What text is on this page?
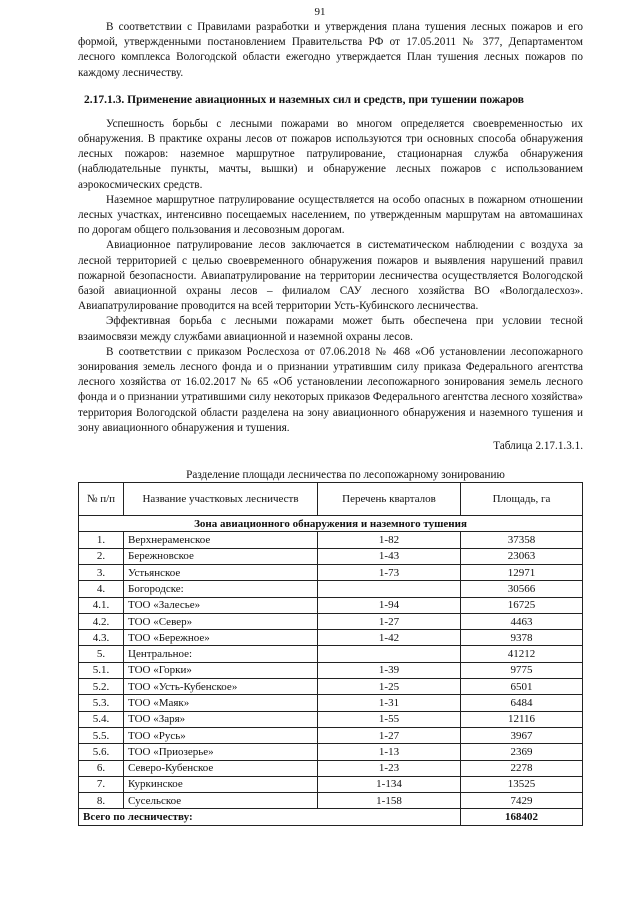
91

В соответствии с Правилами разработки и утверждения плана тушения лесных пожаров и его формой, утвержденными постановлением Правительства РФ от 17.05.2011 № 377, Департаментом лесного комплекса Вологодской области ежегодно утверждается План тушения лесных пожаров по каждому лесничеству.

2.17.1.3. Применение авиационных и наземных сил и средств, при тушении пожаров

Успешность борьбы с лесными пожарами во многом определяется своевременностью их обнаружения. В практике охраны лесов от пожаров используются три основных способа обнаружения лесных пожаров: наземное маршрутное патрулирование, стационарная служба обнаружения (наблюдательные пункты, мачты, вышки) и обнаружение лесных пожаров с использованием аэрокосмических средств.

Наземное маршрутное патрулирование осуществляется на особо опасных в пожарном отношении лесных участках, интенсивно посещаемых населением, по утвержденным маршрутам на автомашинах по дорогам общего пользования и лесовозным дорогам.

Авиационное патрулирование лесов заключается в систематическом наблюдении с воздуха за лесной территорией с целью своевременного обнаружения пожаров и выявления нарушений правил пожарной безопасности. Авиапатрулирование на территории лесничества осуществляется Вологодской базой авиационной охраны лесов – филиалом САУ лесного хозяйства ВО «Вологдалесхоз». Авиапатрулирование проводится на всей территории Усть-Кубинского лесничества.

Эффективная борьба с лесными пожарами может быть обеспечена при условии тесной взаимосвязи между службами авиационной и наземной охраны лесов.

В соответствии с приказом Рослесхоза от 07.06.2018 № 468 «Об установлении лесопожарного зонирования земель лесного фонда и о признании утратившим силу приказа Федерального агентства лесного хозяйства от 16.02.2017 № 65 «Об установлении лесопожарного зонирования земель лесного фонда и о признании утратившими силу некоторых приказов Федерального агентства лесного хозяйства» территория Вологодской области разделена на зону авиационного обнаружения и наземного тушения и зону авиационного обнаружения и тушения.

Таблица 2.17.1.3.1.
Разделение площади лесничества по лесопожарному зонированию
№ п/п	Название участковых лесничеств	Перечень кварталов	Площадь, га
Зона авиационного обнаружения и наземного тушения			
1.	Верхнераменское	1-82	37358
2.	Бережновское	1-43	23063
3.	Устьянское	1-73	12971
4.	Богородске:		30566
4.1.	ТОО «Залесье»	1-94	16725
4.2.	ТОО «Север»	1-27	4463
4.3.	ТОО «Бережное»	1-42	9378
5.	Центральное:		41212
5.1.	ТОО «Горки»	1-39	9775
5.2.	ТОО «Усть-Кубенское»	1-25	6501
5.3.	ТОО «Маяк»	1-31	6484
5.4.	ТОО «Заря»	1-55	12116
5.5.	ТОО «Русь»	1-27	3967
5.6.	ТОО «Приозерье»	1-13	2369
6.	Северо-Кубенское	1-23	2278
7.	Куркинское	1-134	13525
8.	Сусельское	1-158	7429
Всего по лесничеству:			168402
